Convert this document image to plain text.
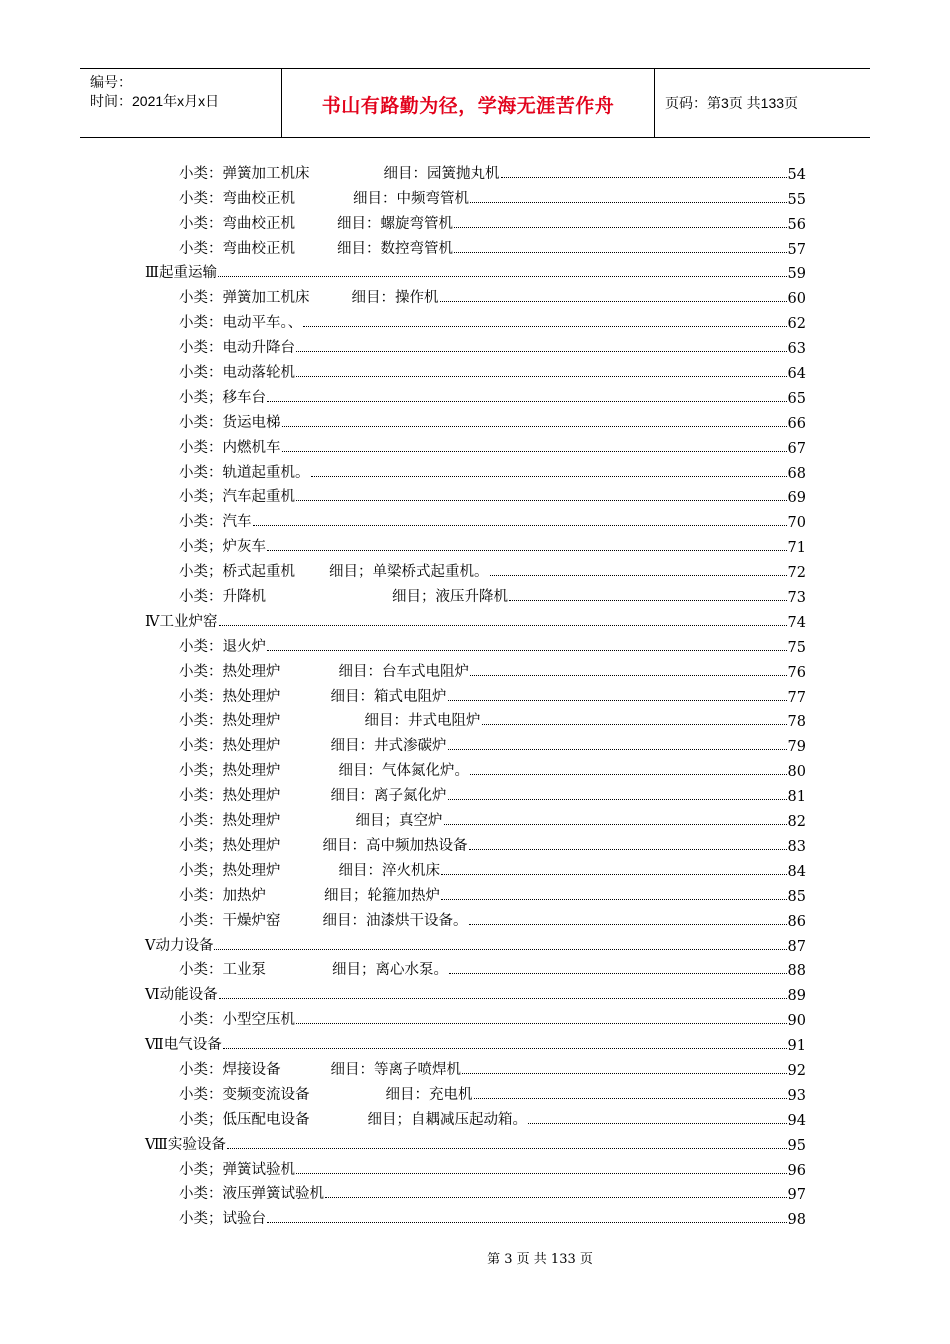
编号：
时间：2021年x月x日	书山有路勤为径，学海无涯苦作舟	页码：第3页 共133页
小类：弹簧加工机床	细目：园簧抛丸机	54
小类：弯曲校正机	细目：中频弯管机	55
小类：弯曲校正机	细目：螺旋弯管机	56
小类：弯曲校正机	细目：数控弯管机	57
Ⅲ起重运输	59
小类：弹簧加工机床	细目：操作机	60
小类：电动平车。、	62
小类：电动升降台	63
小类：电动落轮机	64
小类；移车台	65
小类：货运电梯	66
小类：内燃机车	67
小类：轨道起重机。	68
小类；汽车起重机	69
小类：汽车	70
小类；炉灰车	71
小类；桥式起重机 细目；单梁桥式起重机。	72
小类：升降机	细目；液压升降机	73
Ⅳ工业炉窑	74
小类：退火炉	75
小类：热处理炉	细目：台车式电阻炉	76
小类：热处理炉	细目：箱式电阻炉	77
小类：热处理炉	细目：井式电阻炉	78
小类：热处理炉	细目：井式渗碳炉	79
小类；热处理炉	细目：气体氮化炉。	80
小类：热处理炉	细目：离子氮化炉	81
小类：热处理炉	细目；真空炉	82
小类；热处理炉	细目：高中频加热设备	83
小类；热处理炉	细目：淬火机床	84
小类：加热炉	细目；轮箍加热炉	85
小类：干燥炉窑	细目：油漆烘干设备。	86
Ⅴ动力设备	87
小类：工业泵	细目；离心水泵。	88
Ⅵ动能设备	89
小类：小型空压机	90
Ⅶ电气设备	91
小类：焊接设备	细目：等离子喷焊机	92
小类：变频变流设备	细目：充电机	93
小类；低压配电设备	细目；自耦减压起动箱。	94
Ⅷ实验设备	95
小类；弹簧试验机	96
小类：液压弹簧试验机	97
小类；试验台	98
第 3 页 共 133 页
